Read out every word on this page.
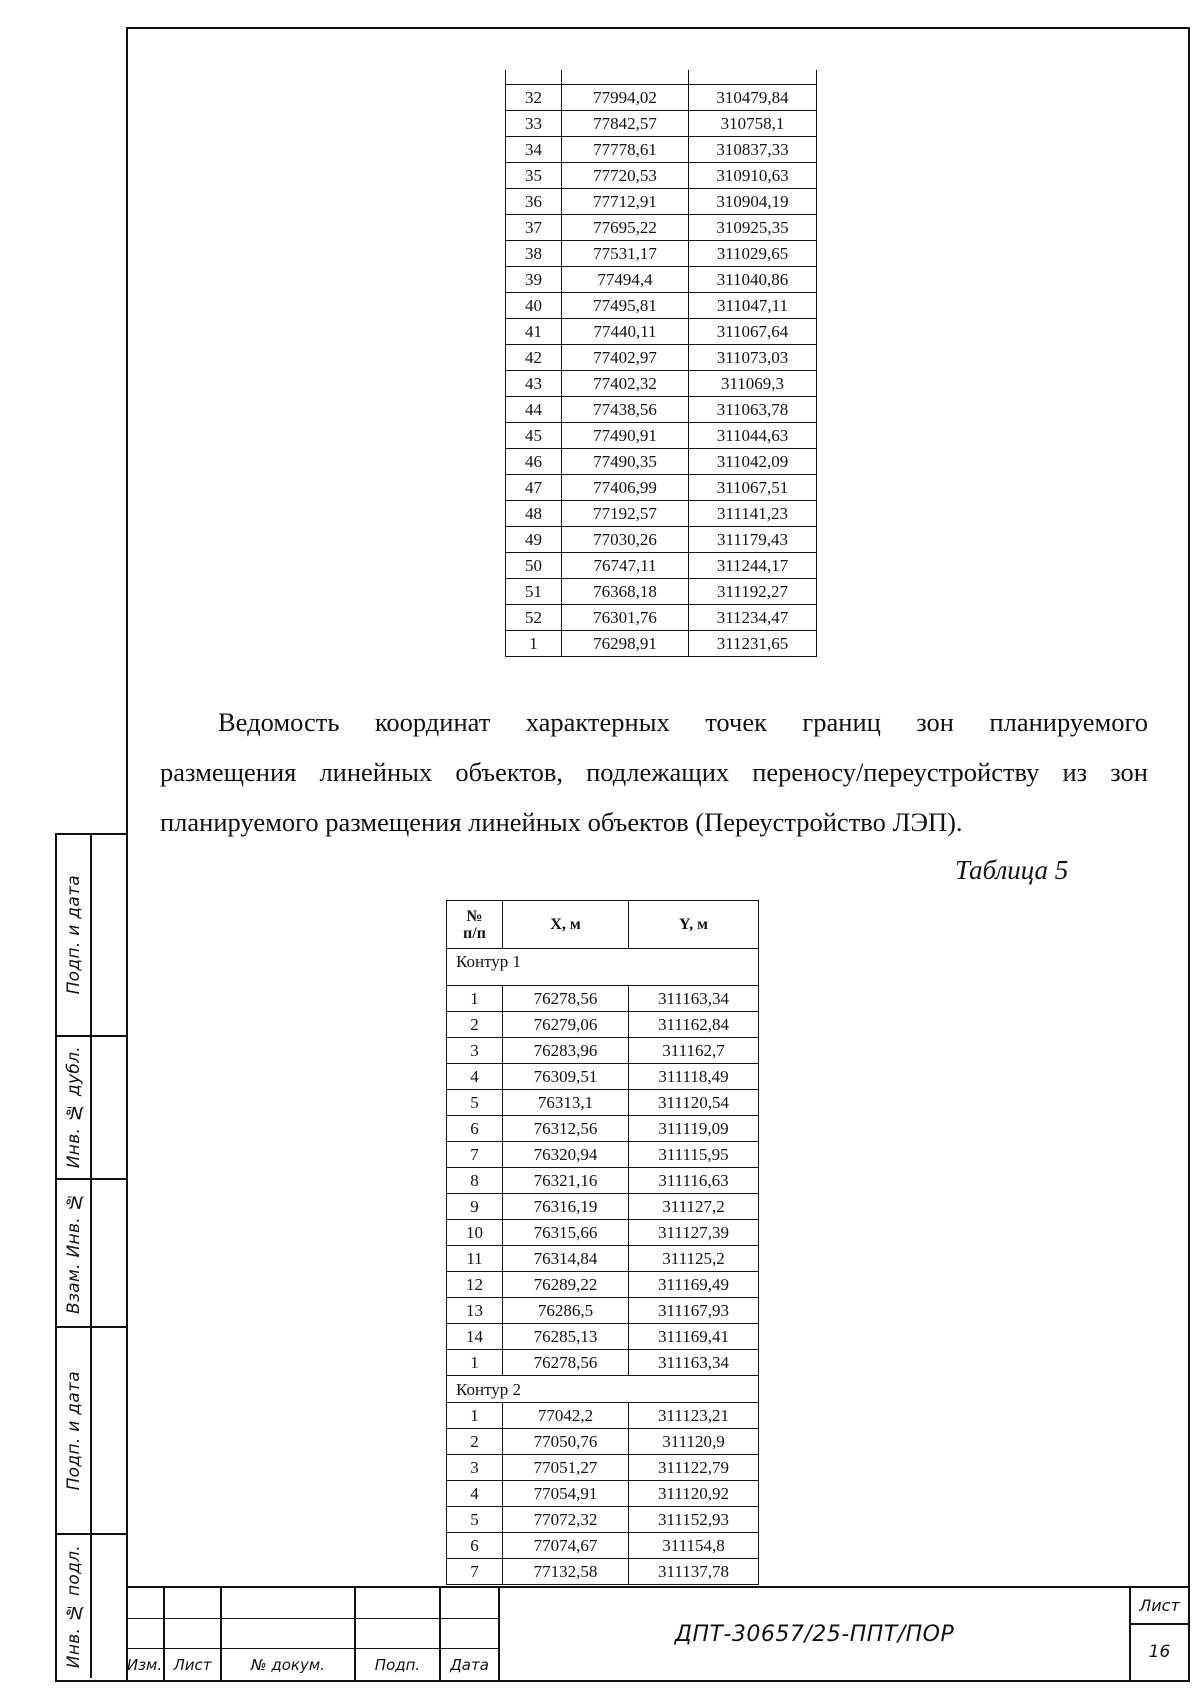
Подп. и дата
Инв. № дубл.
Взам. Инв. №
Подп. и дата
Инв. № подл.

32	77994,02	310479,84
33	77842,57	310758,1
34	77778,61	310837,33
35	77720,53	310910,63
36	77712,91	310904,19
37	77695,22	310925,35
38	77531,17	311029,65
39	77494,4	311040,86
40	77495,81	311047,11
41	77440,11	311067,64
42	77402,97	311073,03
43	77402,32	311069,3
44	77438,56	311063,78
45	77490,91	311044,63
46	77490,35	311042,09
47	77406,99	311067,51
48	77192,57	311141,23
49	77030,26	311179,43
50	76747,11	311244,17
51	76368,18	311192,27
52	76301,76	311234,47
1	76298,91	311231,65
Ведомость координат характерных точек границ зон планируемого
размещения линейных объектов, подлежащих переносу/переустройству из зон
планируемого размещения линейных объектов (Переустройство ЛЭП).
Таблица 5
№
п/п	X, м	Y, м
Контур 1		
1	76278,56	311163,34
2	76279,06	311162,84
3	76283,96	311162,7
4	76309,51	311118,49
5	76313,1	311120,54
6	76312,56	311119,09
7	76320,94	311115,95
8	76321,16	311116,63
9	76316,19	311127,2
10	76315,66	311127,39
11	76314,84	311125,2
12	76289,22	311169,49
13	76286,5	311167,93
14	76285,13	311169,41
1	76278,56	311163,34
Контур 2		
1	77042,2	311123,21
2	77050,76	311120,9
3	77051,27	311122,79
4	77054,91	311120,92
5	77072,32	311152,93
6	77074,67	311154,8
7	77132,58	311137,78
Изм. Лист	№ докум.	Подп.	Дата
ДПТ-30657/25-ППТ/ПОР
Лист
16
